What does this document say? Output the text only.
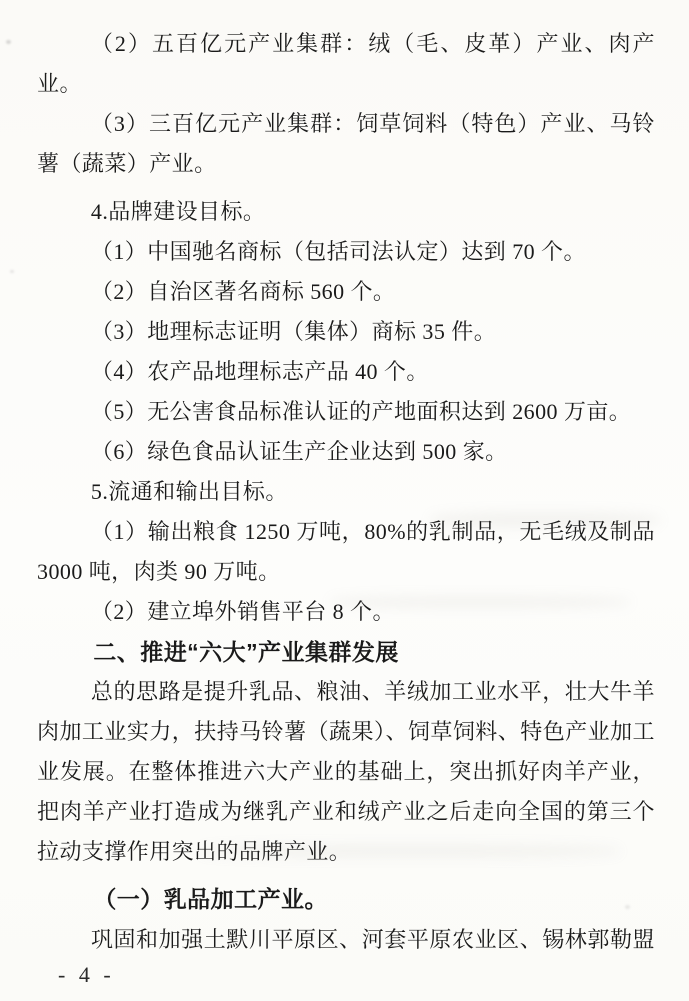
（2）五百亿元产业集群：绒（毛、皮革）产业、肉产业。

（3）三百亿元产业集群：饲草饲料（特色）产业、马铃薯（蔬菜）产业。

4.品牌建设目标。

（1）中国驰名商标（包括司法认定）达到 70 个。

（2）自治区著名商标 560 个。

（3）地理标志证明（集体）商标 35 件。

（4）农产品地理标志产品 40 个。

（5）无公害食品标准认证的产地面积达到 2600 万亩。

（6）绿色食品认证生产企业达到 500 家。

5.流通和输出目标。

（1）输出粮食 1250 万吨，80%的乳制品，无毛绒及制品 3000 吨，肉类 90 万吨。

（2）建立埠外销售平台 8 个。

二、推进“六大”产业集群发展

总的思路是提升乳品、粮油、羊绒加工业水平，壮大牛羊肉加工业实力，扶持马铃薯（蔬果）、饲草饲料、特色产业加工业发展。在整体推进六大产业的基础上，突出抓好肉羊产业，把肉羊产业打造成为继乳产业和绒产业之后走向全国的第三个拉动支撑作用突出的品牌产业。

（一）乳品加工产业。

巩固和加强土默川平原区、河套平原农业区、锡林郭勒盟

- 4 -
